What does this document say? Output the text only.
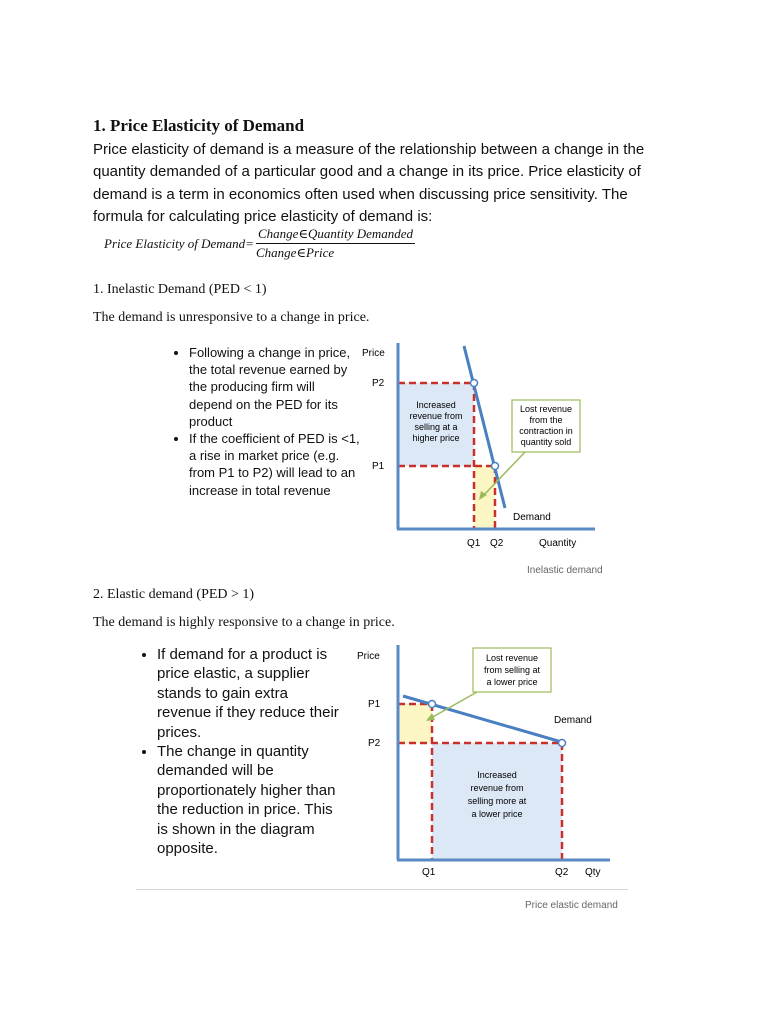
1. Price Elasticity of Demand
Price elasticity of demand is a measure of the relationship between a change in the quantity demanded of a particular good and a change in its price. Price elasticity of demand is a term in economics often used when discussing price sensitivity. The formula for calculating price elasticity of demand is:
Price Elasticity of Demand= $\frac{\text{Change∈Quantity Demanded}}{\text{Change∈Price}}$
1. Inelastic Demand (PED < 1)
The demand is unresponsive to a change in price.
• Following a change in price, the total revenue earned by the producing firm will depend on the PED for its product
• If the coefficient of PED is <1, a rise in market price (e.g. from P1 to P2) will lead to an increase in total revenue
Price
P2
P1
Q1 Q2	Quantity
Demand
Increased
revenue from
selling at a
higher price
Lost revenue
from the
contraction in
quantity sold
Inelastic demand
2. Elastic demand (PED > 1)
The demand is highly responsive to a change in price.
• If demand for a product is price elastic, a supplier stands to gain extra revenue if they reduce their prices.
• The change in quantity demanded will be proportionately higher than the reduction in price. This is shown in the diagram opposite.
Price
P1
P2
Q1	Q2 Qty
Demand
Lost revenue
from selling at
a lower price
Increased
revenue from
selling more at
a lower price
Price elastic demand
